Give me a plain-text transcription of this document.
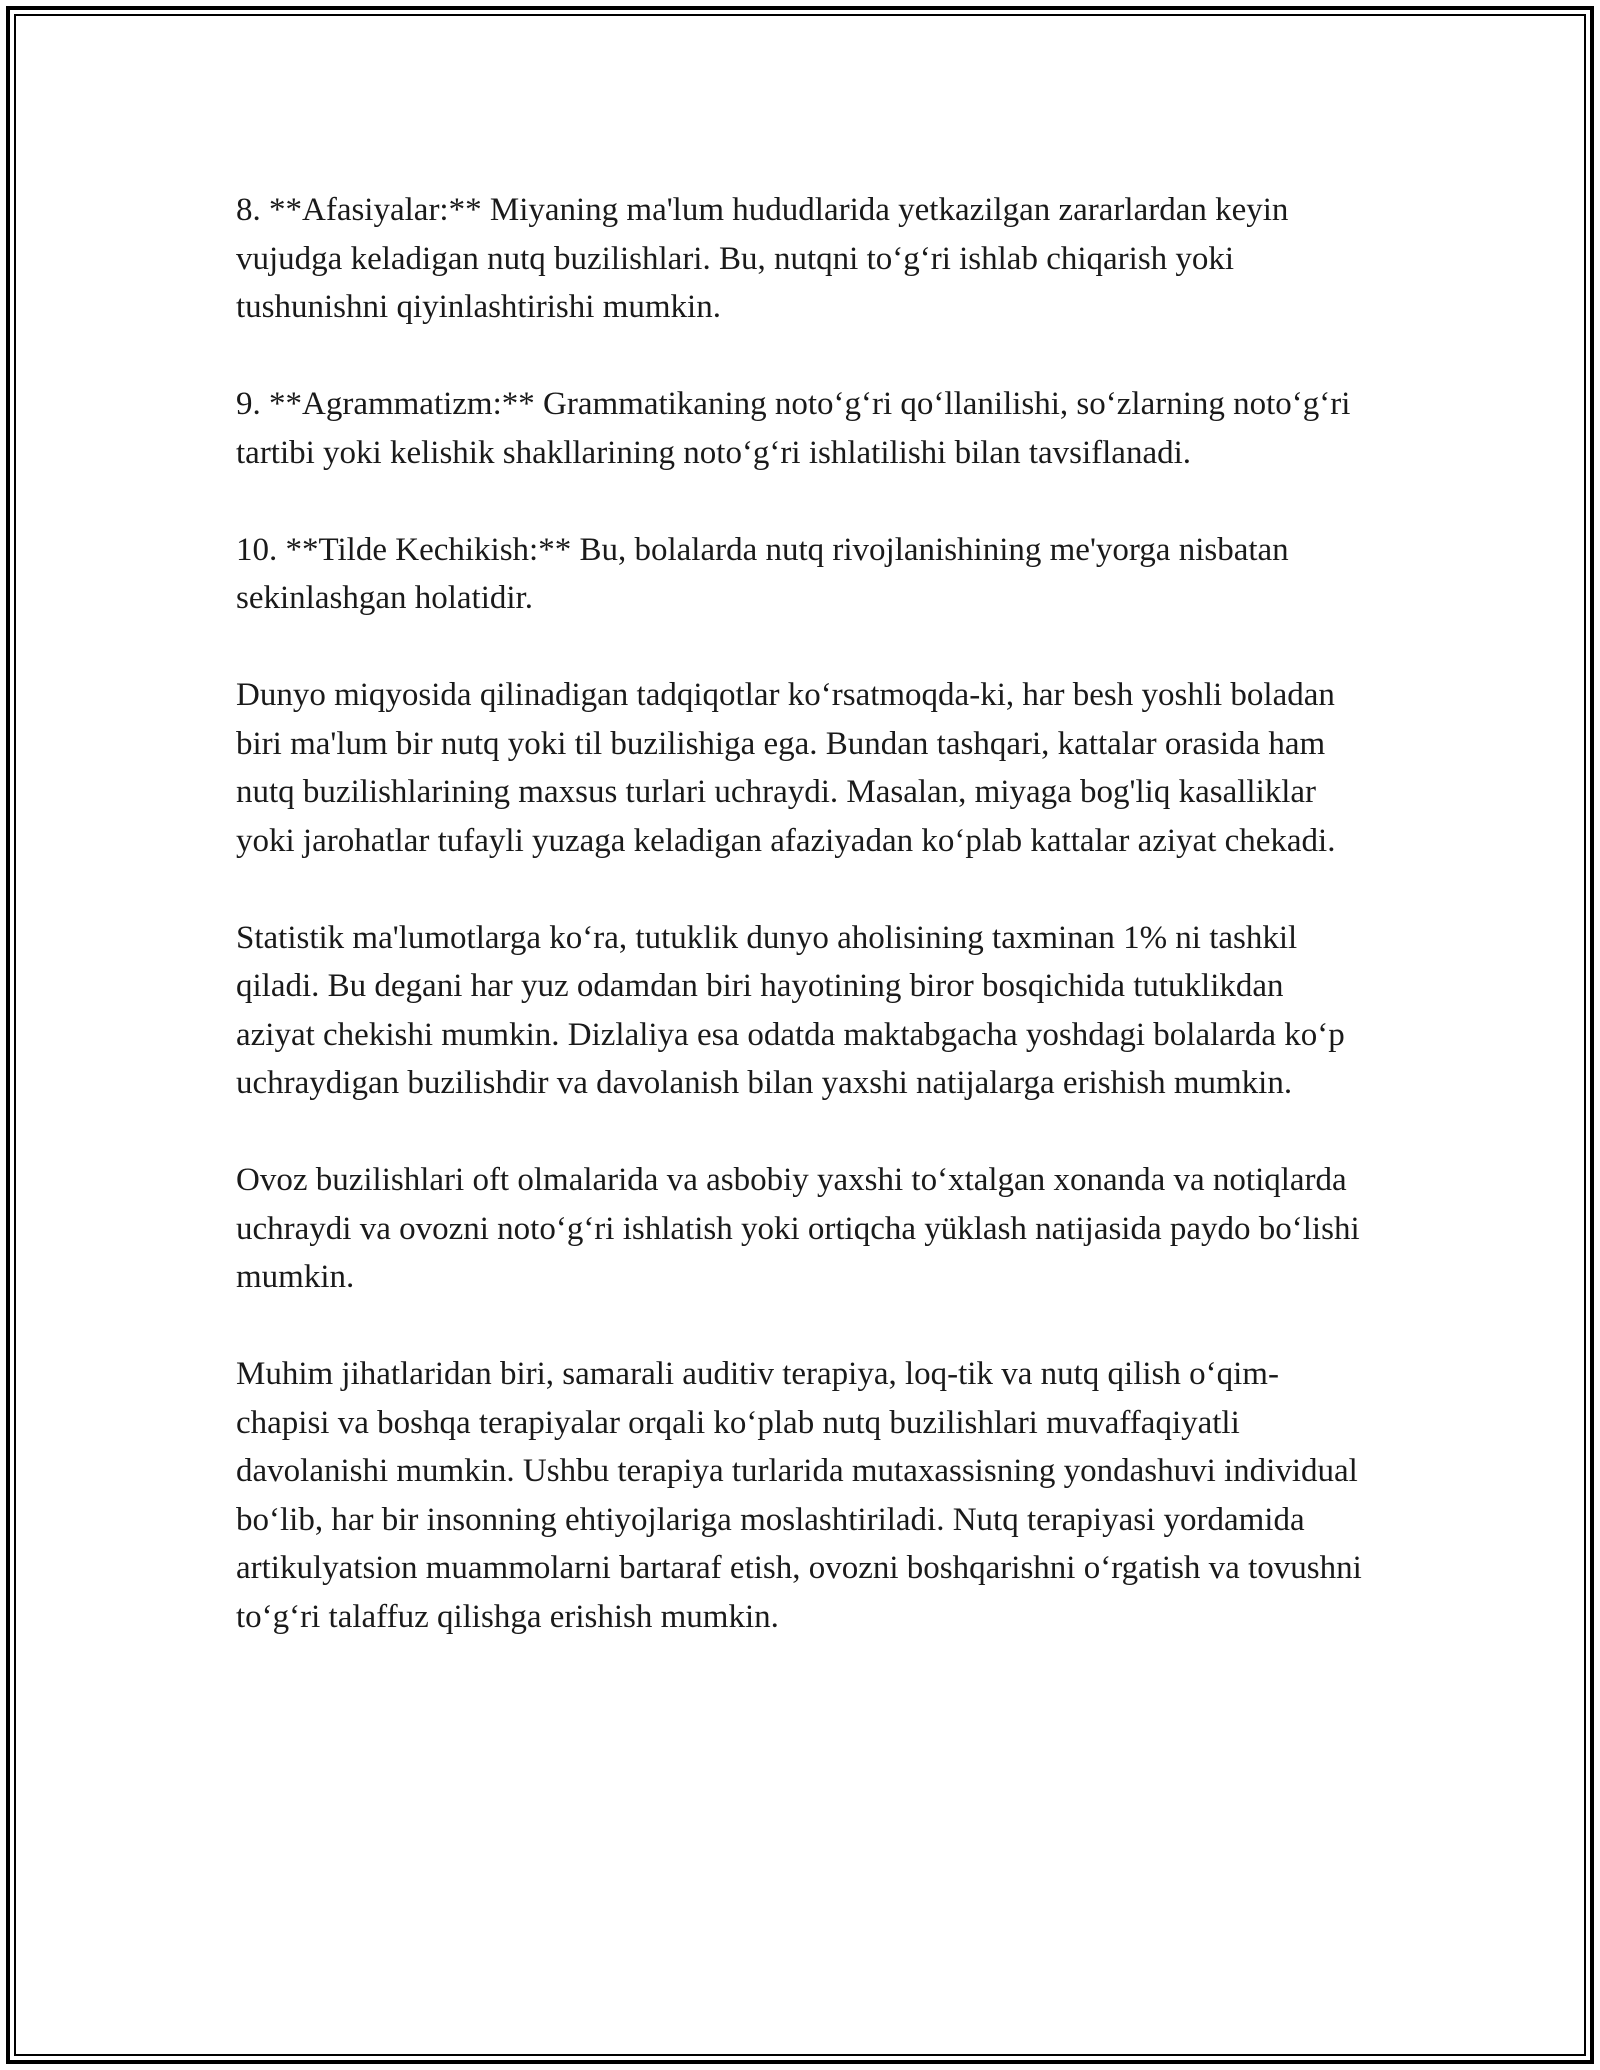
8. **Afasiyalar:** Miyaning ma'lum hududlarida yetkazilgan zararlardan keyin vujudga keladigan nutq buzilishlari. Bu, nutqni to‘g‘ri ishlab chiqarish yoki tushunishni qiyinlashtirishi mumkin.

9. **Agrammatizm:** Grammatikaning noto‘g‘ri qo‘llanilishi, so‘zlarning noto‘g‘ri tartibi yoki kelishik shakllarining noto‘g‘ri ishlatilishi bilan tavsiflanadi.

10. **Tilde Kechikish:** Bu, bolalarda nutq rivojlanishining me'yorga nisbatan sekinlashgan holatidir.

Dunyo miqyosida qilinadigan tadqiqotlar ko‘rsatmoqda-ki, har besh yoshli boladan biri ma'lum bir nutq yoki til buzilishiga ega. Bundan tashqari, kattalar orasida ham nutq buzilishlarining maxsus turlari uchraydi. Masalan, miyaga bog'liq kasalliklar yoki jarohatlar tufayli yuzaga keladigan afaziyadan ko‘plab kattalar aziyat chekadi.

Statistik ma'lumotlarga ko‘ra, tutuklik dunyo aholisining taxminan 1% ni tashkil qiladi. Bu degani har yuz odamdan biri hayotining biror bosqichida tutuklikdan aziyat chekishi mumkin. Dizlaliya esa odatda maktabgacha yoshdagi bolalarda ko‘p uchraydigan buzilishdir va davolanish bilan yaxshi natijalarga erishish mumkin.

Ovoz buzilishlari oft olmalarida va asbobiy yaxshi to‘xtalgan xonanda va notiqlarda uchraydi va ovozni noto‘g‘ri ishlatish yoki ortiqcha yüklash natijasida paydo bo‘lishi mumkin.

Muhim jihatlaridan biri, samarali auditiv terapiya, loq-tik va nutq qilish o‘qim-chapisi va boshqa terapiyalar orqali ko‘plab nutq buzilishlari muvaffaqiyatli davolanishi mumkin. Ushbu terapiya turlarida mutaxassisning yondashuvi individual bo‘lib, har bir insonning ehtiyojlariga moslashtiriladi. Nutq terapiyasi yordamida artikulyatsion muammolarni bartaraf etish, ovozni boshqarishni o‘rgatish va tovushni to‘g‘ri talaffuz qilishga erishish mumkin.
